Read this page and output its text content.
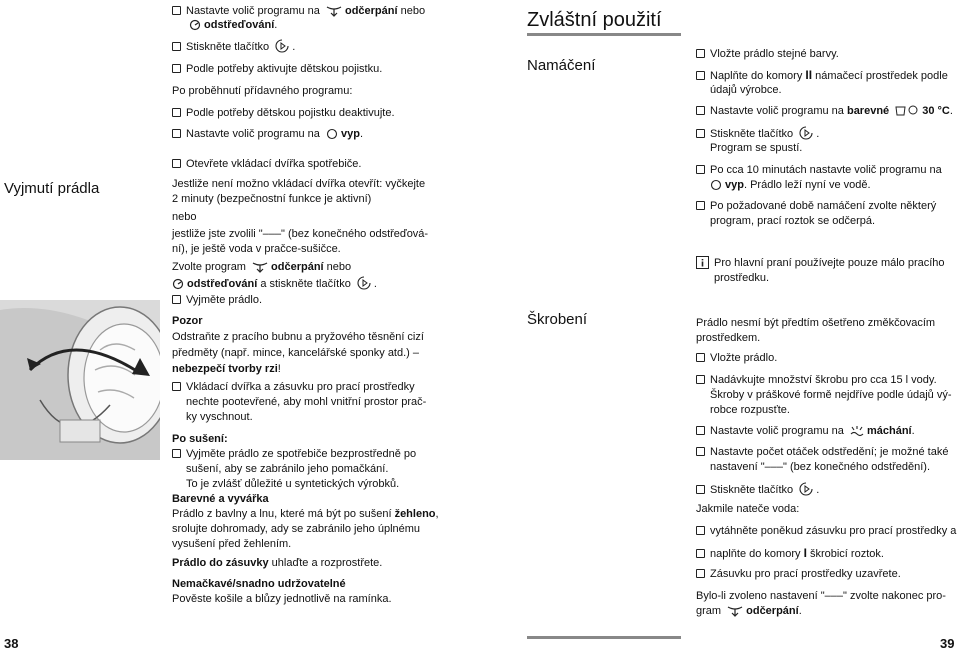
Vyjmutí prádla
Nastavte volič programu na odčerpání nebo
odstřeďování.
Stiskněte tlačítko .
Podle potřeby aktivujte dětskou pojistku.
Po proběhnutí přídavného programu:
Podle potřeby dětskou pojistku deaktivujte.
Nastavte volič programu na vyp.
Otevřete vkládací dvířka spotřebiče.
Jestliže není možno vkládací dvířka otevřít: vyčkejte
2 minuty (bezpečnostní funkce je aktivní)
nebo
jestliže jste zvolili "–––" (bez konečného odstřeďová-
ní), je ještě voda v pračce-sušičce.
Zvolte program odčerpání nebo
odstřeďování a stiskněte tlačítko .
Vyjměte prádlo.
Pozor
Odstraňte z pracího bubnu a pryžového těsnění cizí
předměty (např. mince, kancelářské sponky atd.) –
nebezpečí tvorby rzi!
Vkládací dvířka a zásuvku pro prací prostředky
nechte pootevřené, aby mohl vnitřní prostor prač-
ky vyschnout.
Po sušení:
Vyjměte prádlo ze spotřebiče bezprostředně po
sušení, aby se zabránilo jeho pomačkání.
To je zvlášť důležité u syntetických výrobků.
Barevné a vyvářka
Prádlo z bavlny a lnu, které má být po sušení žehleno,
srolujte dohromady, ady se zabránilo jeho úplnému
vysušení před žehlením.
Prádlo do zásuvky uhlaďte a rozprostřete.
Nemačkavé/snadno udržovatelné
Pověste košile a blůzy jednotlivě na ramínka.
38
Zvláštní použití
Namáčení
Vložte prádlo stejné barvy.
Naplňte do komory II námačecí prostředek podle
údajů výrobce.
Nastavte volič programu na barevné	30 °C.
Stiskněte tlačítko .
Program se spustí.
Po cca 10 minutách nastavte volič programu na
vyp. Prádlo leží nyní ve vodě.
Po požadované době namáčení zvolte některý
program, prací roztok se odčerpá.
Pro hlavní praní používejte pouze málo pracího
prostředku.
Škrobení	Prádlo nesmí být předtím ošetřeno změkčovacím
prostředkem.
Vložte prádlo.
Nadávkujte množství škrobu pro cca 15 l vody.
Škroby v práškové formě nejdříve podle údajů vý-
robce rozpusťte.
Nastavte volič programu na máchání.
Nastavte počet otáček odstředění; je možné také
nastavení "–––" (bez konečného odstředění).
Stiskněte tlačítko .
Jakmile nateče voda:
vytáhněte poněkud zásuvku pro prací prostředky a
naplňte do komory I škrobicí roztok.
Zásuvku pro prací prostředky uzavřete.
Bylo-li zvoleno nastavení "–––" zvolte nakonec pro-
gram odčerpání.
39
